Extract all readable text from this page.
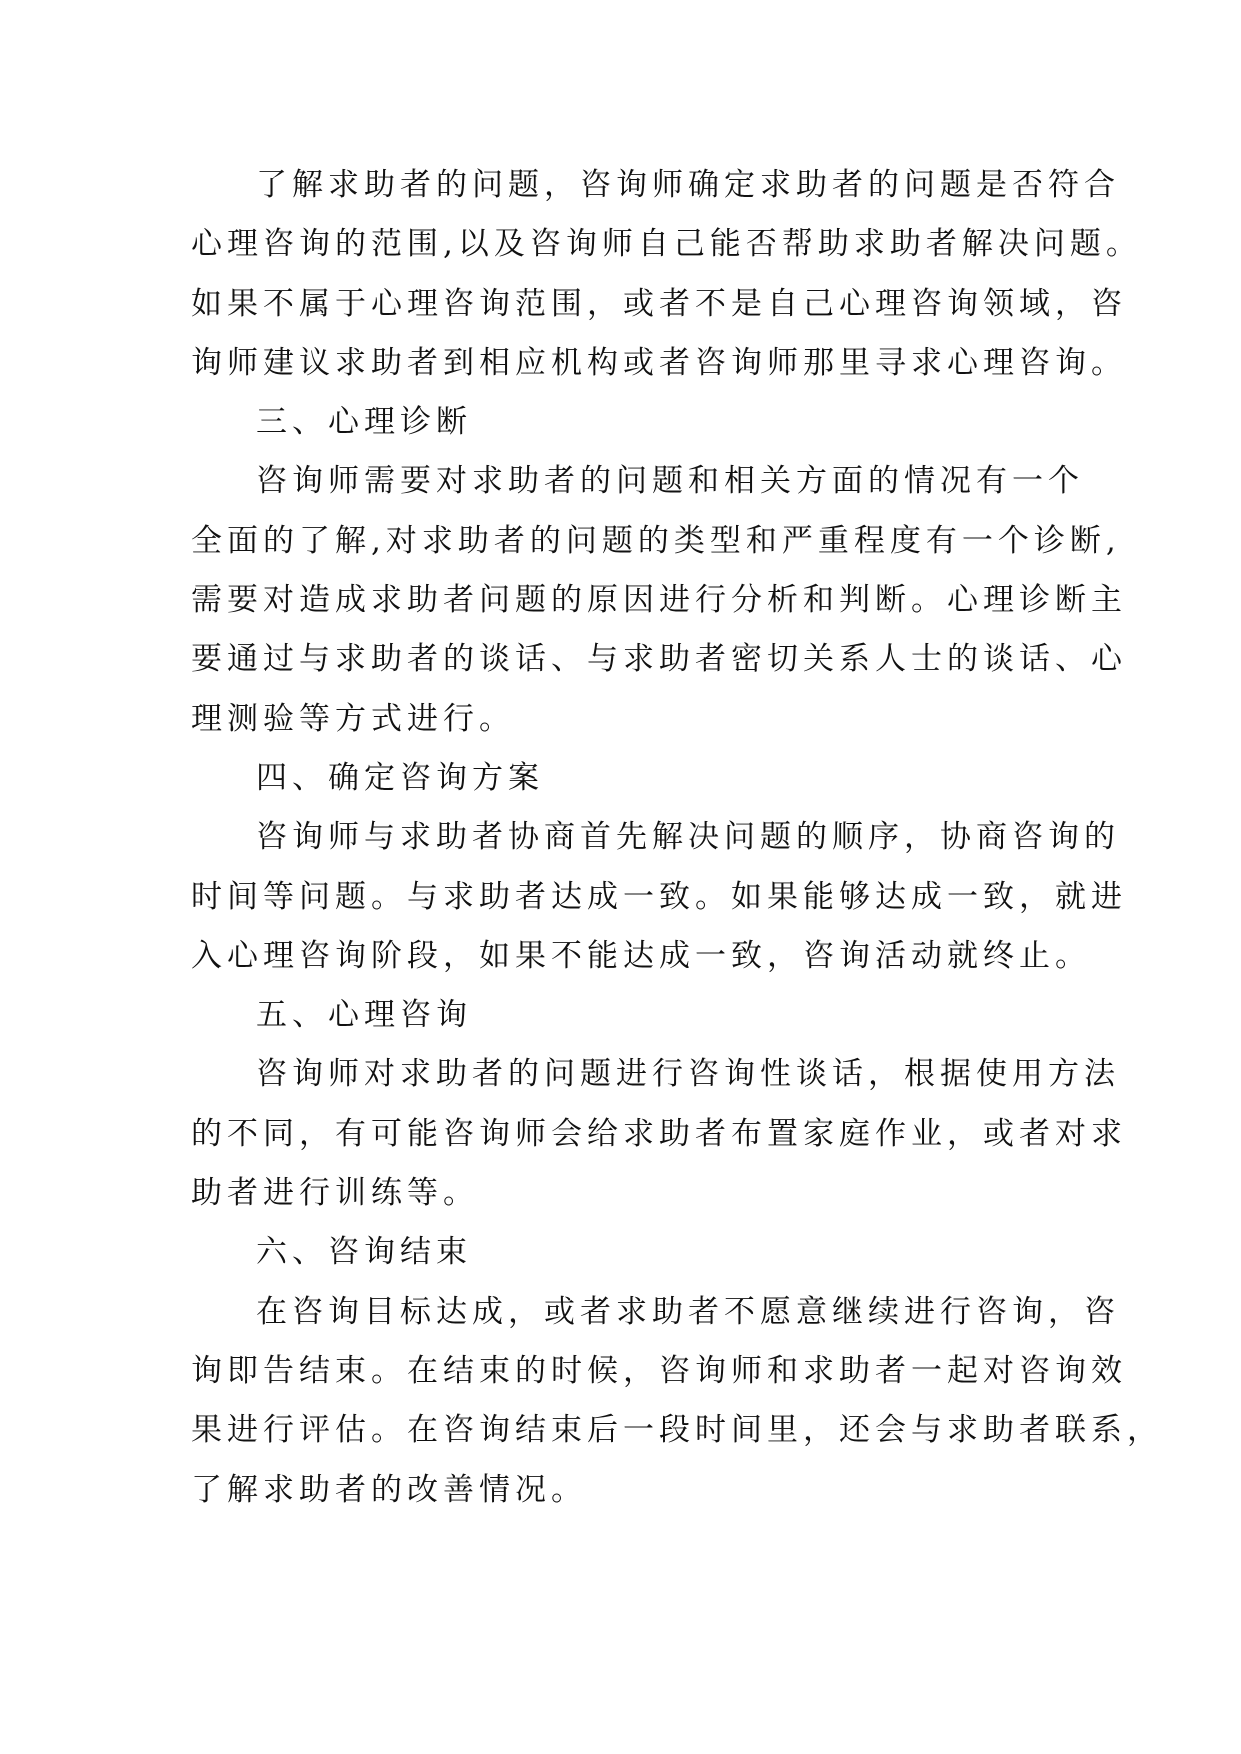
了解求助者的问题，咨询师确定求助者的问题是否符合
心理咨询的范围,以及咨询师自己能否帮助求助者解决问题。
如果不属于心理咨询范围，或者不是自己心理咨询领域，咨
询师建议求助者到相应机构或者咨询师那里寻求心理咨询。
三、心理诊断
咨询师需要对求助者的问题和相关方面的情况有一个
全面的了解,对求助者的问题的类型和严重程度有一个诊断,
需要对造成求助者问题的原因进行分析和判断。心理诊断主
要通过与求助者的谈话、与求助者密切关系人士的谈话、心
理测验等方式进行。
四、确定咨询方案
咨询师与求助者协商首先解决问题的顺序，协商咨询的
时间等问题。与求助者达成一致。如果能够达成一致，就进
入心理咨询阶段，如果不能达成一致，咨询活动就终止。
五、心理咨询
咨询师对求助者的问题进行咨询性谈话，根据使用方法
的不同，有可能咨询师会给求助者布置家庭作业，或者对求
助者进行训练等。
六、咨询结束
在咨询目标达成，或者求助者不愿意继续进行咨询，咨
询即告结束。在结束的时候，咨询师和求助者一起对咨询效
果进行评估。在咨询结束后一段时间里，还会与求助者联系，
了解求助者的改善情况。
